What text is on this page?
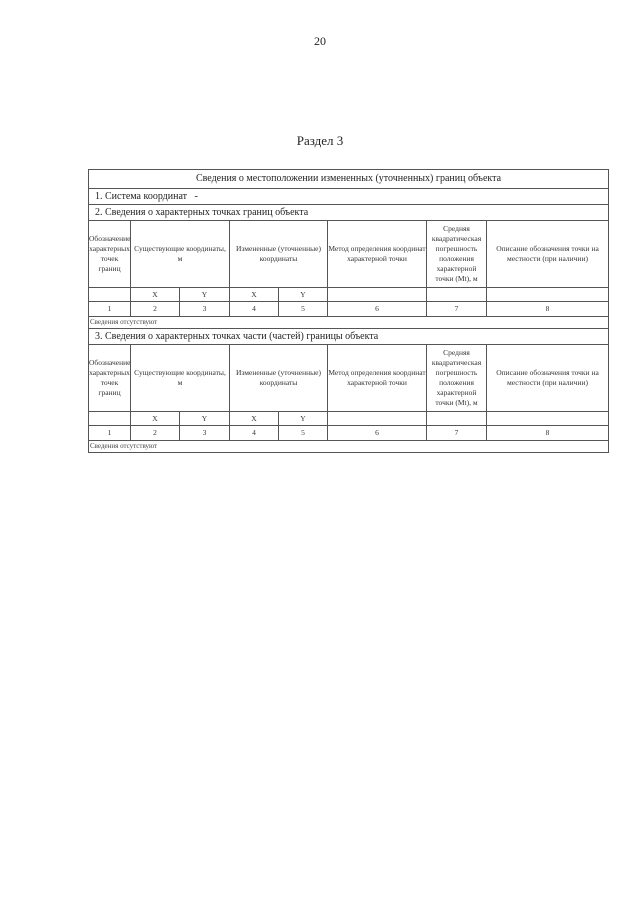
20
Раздел 3
Сведения о местоположении измененных (уточненных) границ объекта							
1. Система координат -							
2. Сведения о характерных точках границ объекта							
Обозначение характерных точек границ	Существующие координаты, м		Измененные (уточненные) координаты		Метод определения координат характерной точки	Средняя квадратическая погрешность положения характерной точки (Mt), м	Описание обозначения точки на местности (при наличии)
	X	Y	X	Y			
1	2	3	4	5	6	7	8
Сведения отсутствуют							
3. Сведения о характерных точках части (частей) границы объекта							
Обозначение характерных точек границ	Существующие координаты, м		Измененные (уточненные) координаты		Метод определения координат характерной точки	Средняя квадратическая погрешность положения характерной точки (Mt), м	Описание обозначения точки на местности (при наличии)
	X	Y	X	Y			
1	2	3	4	5	6	7	8
Сведения отсутствуют							
